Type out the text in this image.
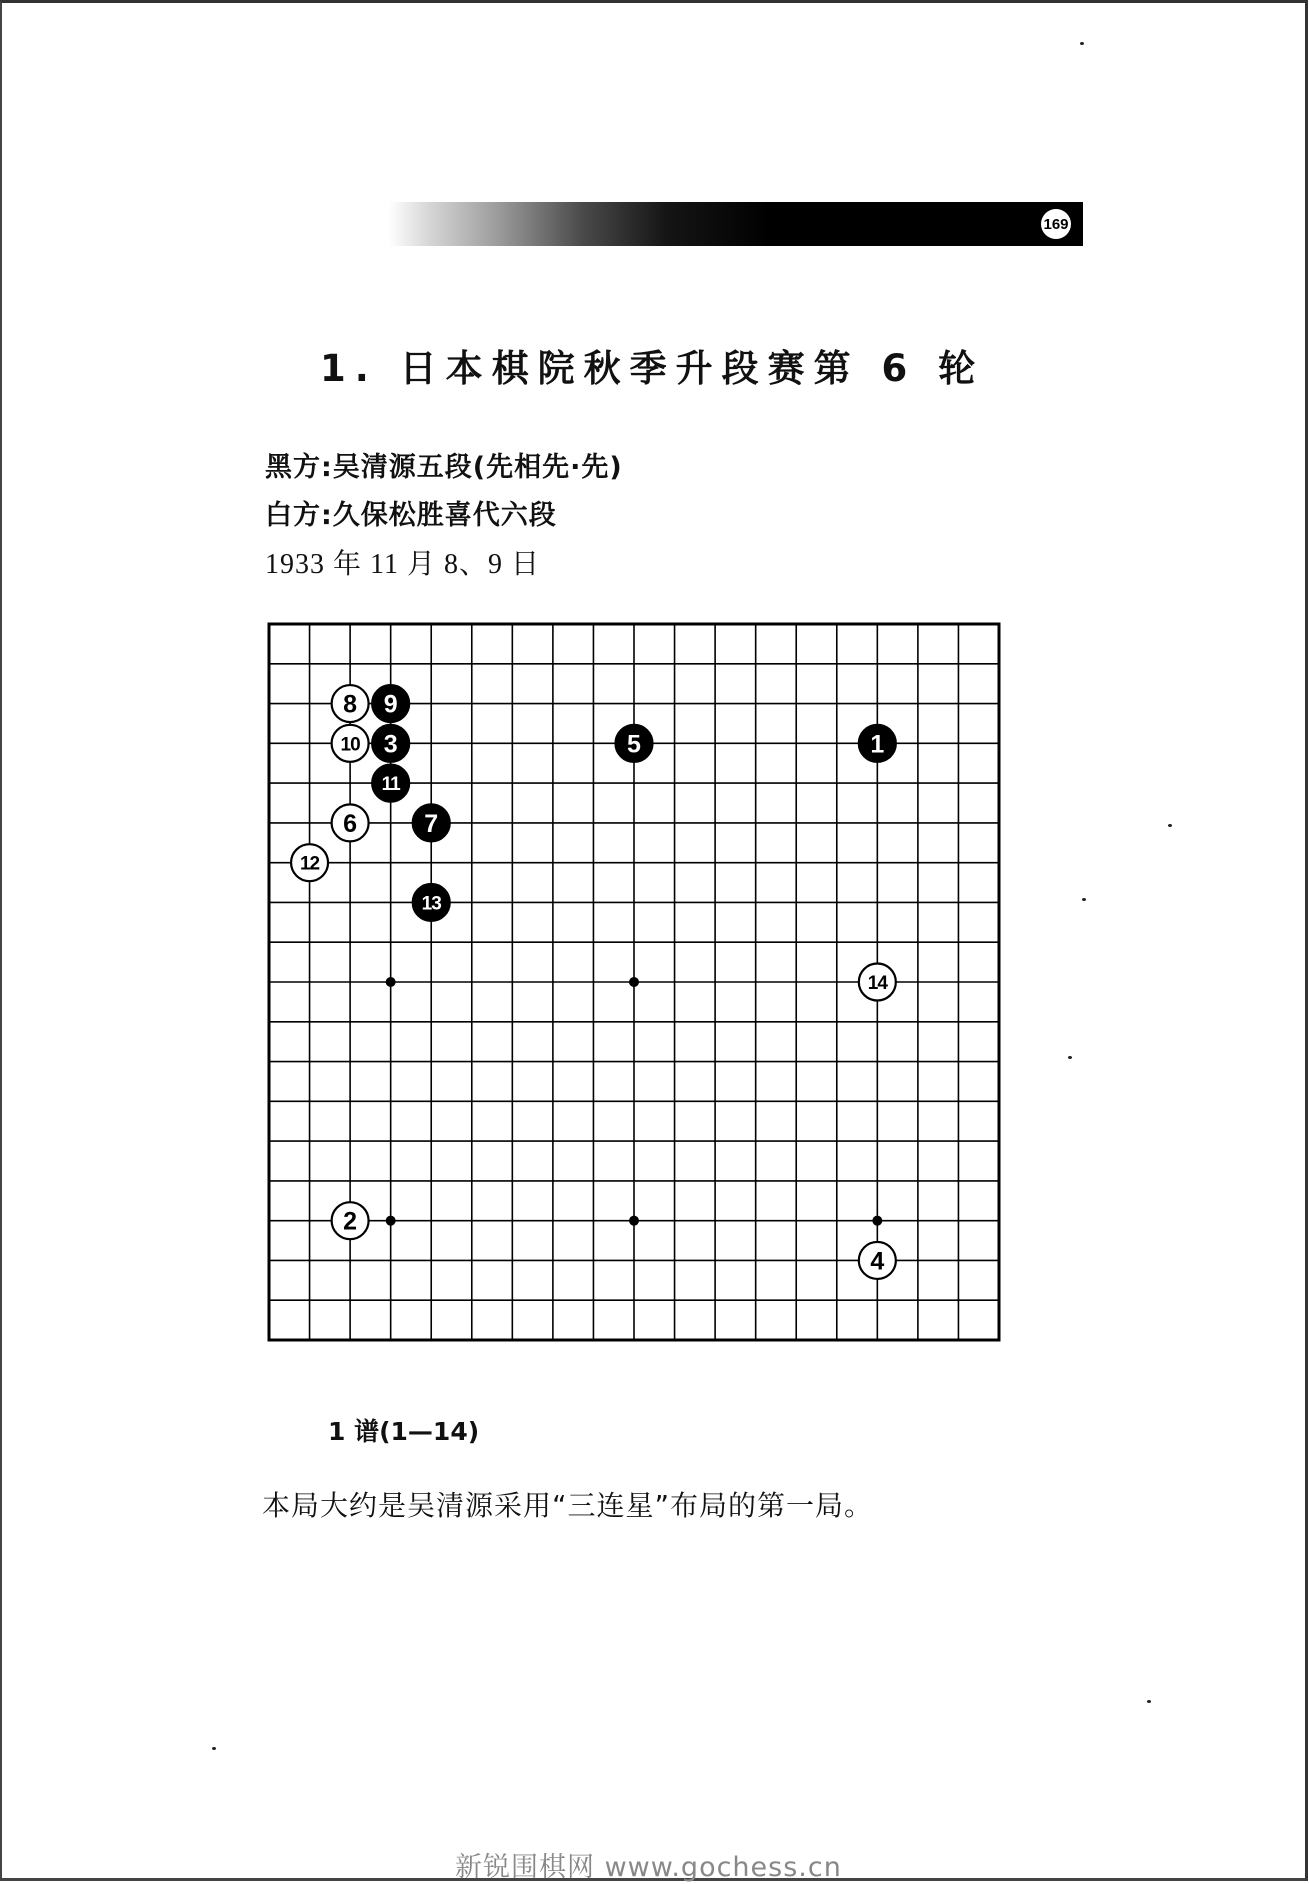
169
1. 日本棋院秋季升段赛第 6 轮
黑方:吴清源五段(先相先·先)
白方:久保松胜喜代六段
1933 年 11 月 8、9 日
1
2
3
4
5
6	7
8 9
10
11
12
13
14
1 谱(1—14)
本局大约是吴清源采用“三连星”布局的第一局。
新锐围棋网 www.gochess.cn
